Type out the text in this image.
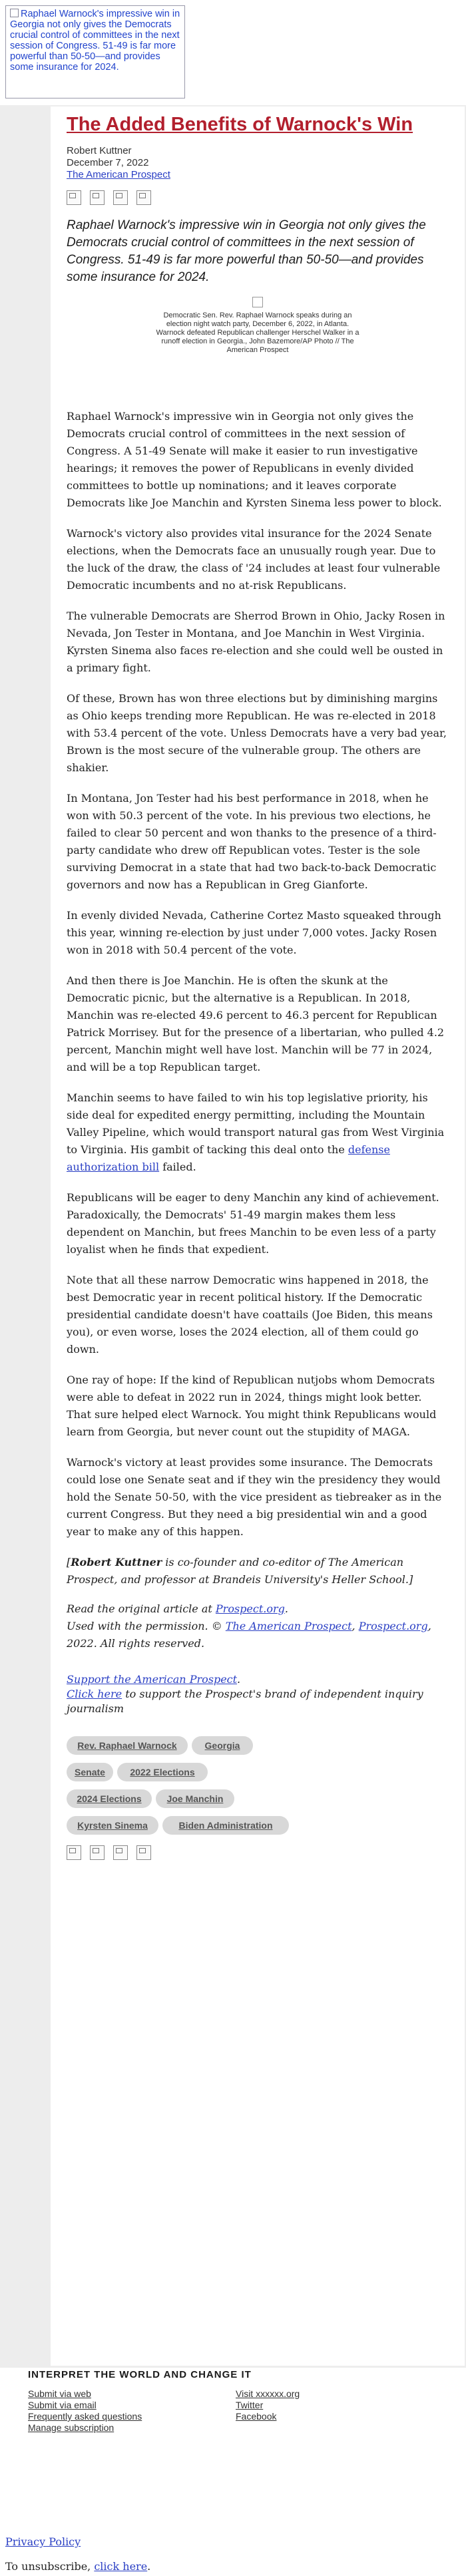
Raphael Warnock's impressive win in Georgia not only gives the Democrats crucial control of committees in the next session of Congress. 51-49 is far more powerful than 50-50—and provides some insurance for 2024.
The Added Benefits of Warnock's Win
Robert Kuttner
December 7, 2022
The American Prospect

Raphael Warnock's impressive win in Georgia not only gives the Democrats crucial control of committees in the next session of Congress. 51-49 is far more powerful than 50-50—and provides some insurance for 2024.
Democratic Sen. Rev. Raphael Warnock speaks during an election night watch party, December 6, 2022, in Atlanta. Warnock defeated Republican challenger Herschel Walker in a runoff election in Georgia., John Bazemore/AP Photo // The American Prospect

Raphael Warnock's impressive win in Georgia not only gives the Democrats crucial control of committees in the next session of Congress. A 51-49 Senate will make it easier to run investigative hearings; it removes the power of Republicans in evenly divided committees to bottle up nominations; and it leaves corporate Democrats like Joe Manchin and Kyrsten Sinema less power to block.

Warnock's victory also provides vital insurance for the 2024 Senate elections, when the Democrats face an unusually rough year. Due to the luck of the draw, the class of '24 includes at least four vulnerable Democratic incumbents and no at-risk Republicans.

The vulnerable Democrats are Sherrod Brown in Ohio, Jacky Rosen in Nevada, Jon Tester in Montana, and Joe Manchin in West Virginia. Kyrsten Sinema also faces re-election and she could well be ousted in a primary fight.

Of these, Brown has won three elections but by diminishing margins as Ohio keeps trending more Republican. He was re-elected in 2018 with 53.4 percent of the vote. Unless Democrats have a very bad year, Brown is the most secure of the vulnerable group. The others are shakier.

In Montana, Jon Tester had his best performance in 2018, when he won with 50.3 percent of the vote. In his previous two elections, he failed to clear 50 percent and won thanks to the presence of a third-party candidate who drew off Republican votes. Tester is the sole surviving Democrat in a state that had two back-to-back Democratic governors and now has a Republican in Greg Gianforte.

In evenly divided Nevada, Catherine Cortez Masto squeaked through this year, winning re-election by just under 7,000 votes. Jacky Rosen won in 2018 with 50.4 percent of the vote.

And then there is Joe Manchin. He is often the skunk at the Democratic picnic, but the alternative is a Republican. In 2018, Manchin was re-elected 49.6 percent to 46.3 percent for Republican Patrick Morrisey. But for the presence of a libertarian, who pulled 4.2 percent, Manchin might well have lost. Manchin will be 77 in 2024, and will be a top Republican target.

Manchin seems to have failed to win his top legislative priority, his side deal for expedited energy permitting, including the Mountain Valley Pipeline, which would transport natural gas from West Virginia to Virginia. His gambit of tacking this deal onto the defense authorization bill failed.

Republicans will be eager to deny Manchin any kind of achievement. Paradoxically, the Democrats' 51-49 margin makes them less dependent on Manchin, but frees Manchin to be even less of a party loyalist when he finds that expedient.

Note that all these narrow Democratic wins happened in 2018, the best Democratic year in recent political history. If the Democratic presidential candidate doesn't have coattails (Joe Biden, this means you), or even worse, loses the 2024 election, all of them could go down.

One ray of hope: If the kind of Republican nutjobs whom Democrats were able to defeat in 2022 run in 2024, things might look better. That sure helped elect Warnock. You might think Republicans would learn from Georgia, but never count out the stupidity of MAGA.

Warnock's victory at least provides some insurance. The Democrats could lose one Senate seat and if they win the presidency they would hold the Senate 50-50, with the vice president as tiebreaker as in the current Congress. But they need a big presidential win and a good year to make any of this happen.

[Robert Kuttner is co-founder and co-editor of The American Prospect, and professor at Brandeis University's Heller School.]

Read the original article at Prospect.org.
Used with the permission. © The American Prospect, Prospect.org, 2022. All rights reserved.

Support the American Prospect.
Click here to support the Prospect's brand of independent inquiry journalism
Rev. Raphael Warnock	Georgia
Senate	2022 Elections
2024 Elections	Joe Manchin
Kyrsten Sinema	Biden Administration

INTERPRET THE WORLD AND CHANGE IT
Submit via web
Submit via email
Frequently asked questions
Manage subscription
Visit xxxxxx.org
Twitter
Facebook
Privacy Policy
To unsubscribe, click here.
